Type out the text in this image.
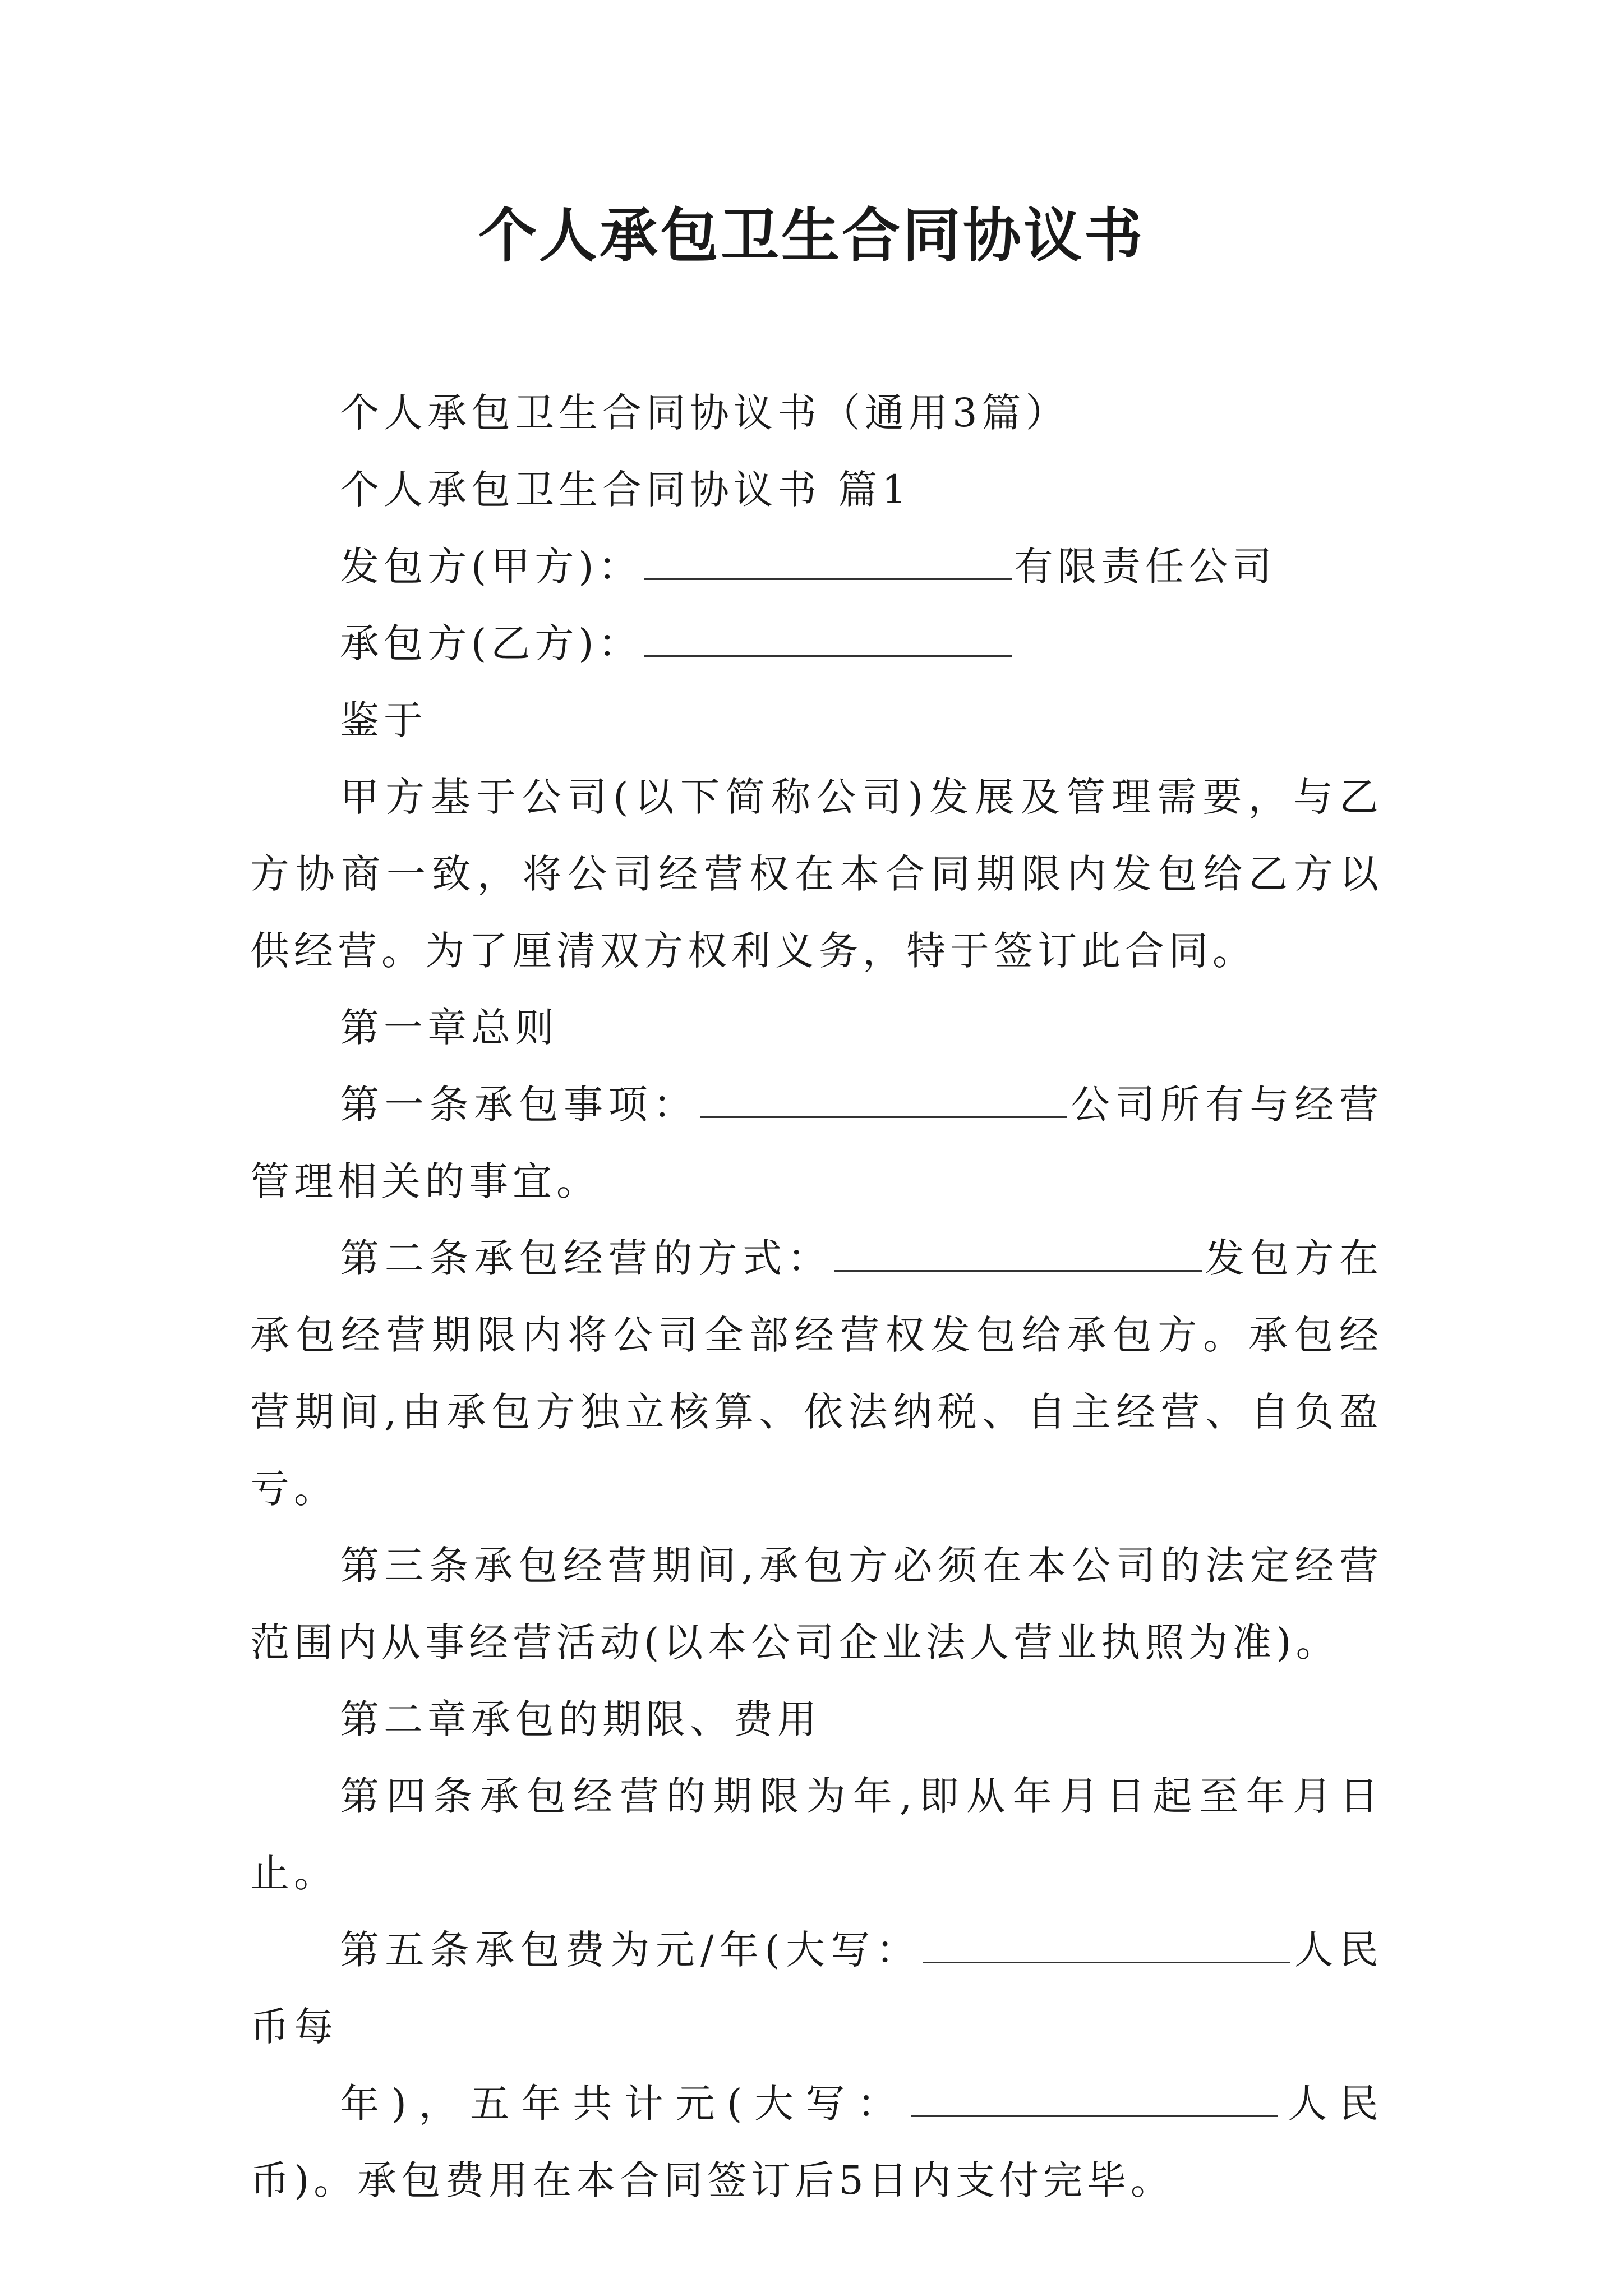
个人承包卫生合同协议书

个人承包卫生合同协议书（通用3篇）

个人承包卫生合同协议书 篇1

发包方(甲方)：	有限责任公司

承包方(乙方)：

鉴于

甲方基于公司(以下简称公司)发展及管理需要，与乙方协商一致，将公司经营权在本合同期限内发包给乙方以供经营。为了厘清双方权利义务，特于签订此合同。

第一章总则

第一条承包事项：	公司所有与经营管理相关的事宜。

第二条承包经营的方式：	发包方在承包经营期限内将公司全部经营权发包给承包方。承包经营期间,由承包方独立核算、依法纳税、自主经营、自负盈亏。

第三条承包经营期间,承包方必须在本公司的法定经营范围内从事经营活动(以本公司企业法人营业执照为准)。

第二章承包的期限、费用

第四条承包经营的期限为年,即从年月日起至年月日止。

第五条承包费为元/年(大写：	人民币每

年)，五年共计元(大写：	人民币)。承包费用在本合同签订后5日内支付完毕。
